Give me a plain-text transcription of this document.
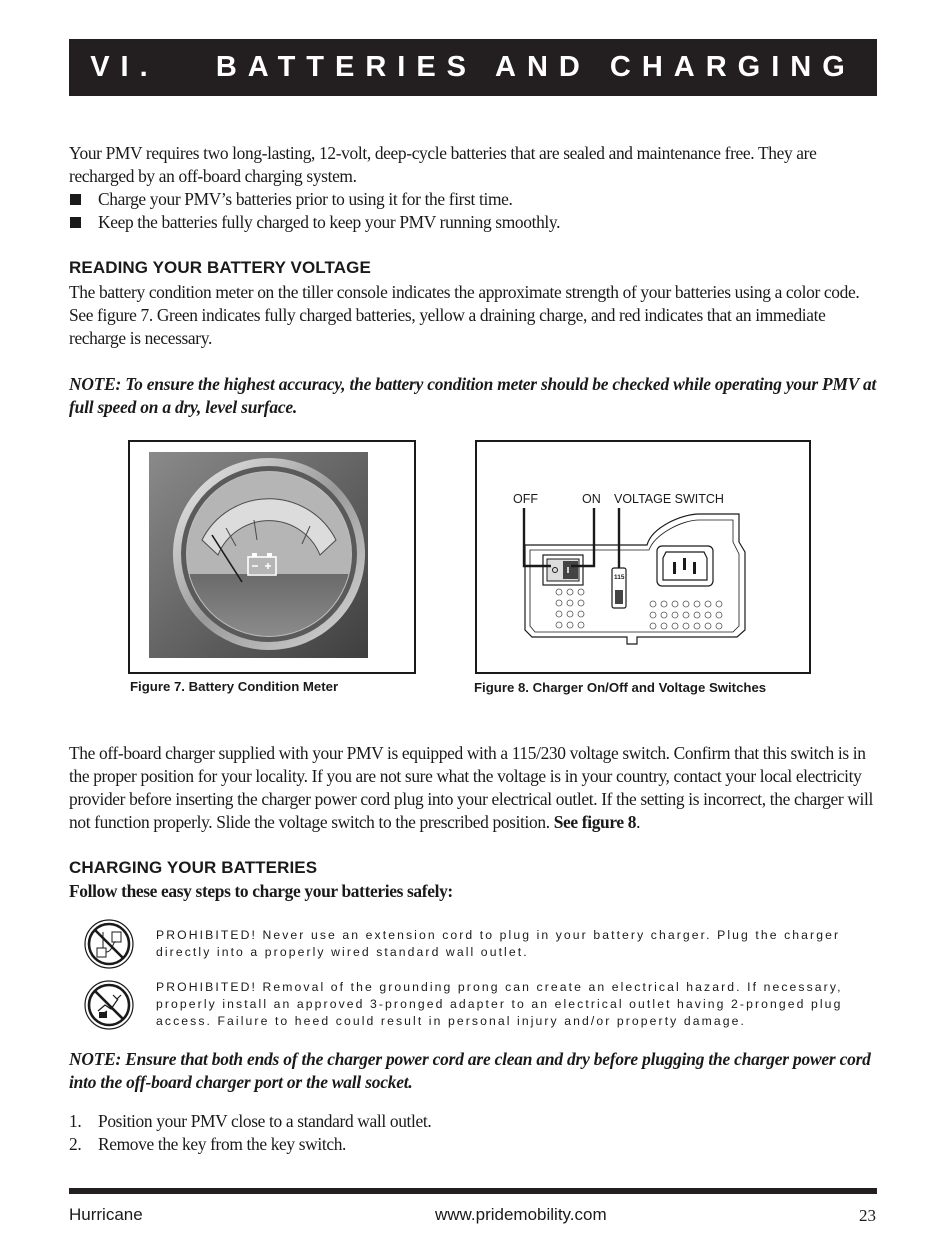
VI.   BATTERIES AND CHARGING

Your PMV requires two long-lasting, 12-volt, deep-cycle batteries that are sealed and maintenance free. They are recharged by an off-board charging system.

Charge your PMV’s batteries prior to using it for the first time.
Keep the batteries fully charged to keep your PMV running smoothly.
READING YOUR BATTERY VOLTAGE

The battery condition meter on the tiller console indicates the approximate strength of your batteries using a color code. See figure 7. Green indicates fully charged batteries, yellow a draining charge, and red indicates that an immediate recharge is necessary.

NOTE: To ensure the highest accuracy, the battery condition meter should be checked while operating your PMV at full speed on a dry, level surface.

Figure 7. Battery Condition Meter

115
OFF	ON VOLTAGE SWITCH

Figure 8. Charger On/Off and Voltage Switches

The off-board charger supplied with your PMV is equipped with a 115/230 voltage switch. Confirm that this switch is in the proper position for your locality. If you are not sure what the voltage is in your country, contact your local electricity provider before inserting the charger power cord plug into your electrical outlet. If the setting is incorrect, the charger will not function properly. Slide the voltage switch to the prescribed position. See figure 8.

CHARGING YOUR BATTERIES

Follow these easy steps to charge your batteries safely:

PROHIBITED! Never use an extension cord to plug in your battery charger. Plug the charger directly into a properly wired standard wall outlet.

PROHIBITED! Removal of the grounding prong can create an electrical hazard. If necessary, properly install an approved 3-pronged adapter to an electrical outlet having 2-pronged plug access. Failure to heed could result in personal injury and/or property damage.

NOTE: Ensure that both ends of the charger power cord are clean and dry before plugging the charger power cord into the off-board charger port or the wall socket.

1. Position your PMV close to a standard wall outlet.
2. Remove the key from the key switch.
Hurricane	www.pridemobility.com	23
